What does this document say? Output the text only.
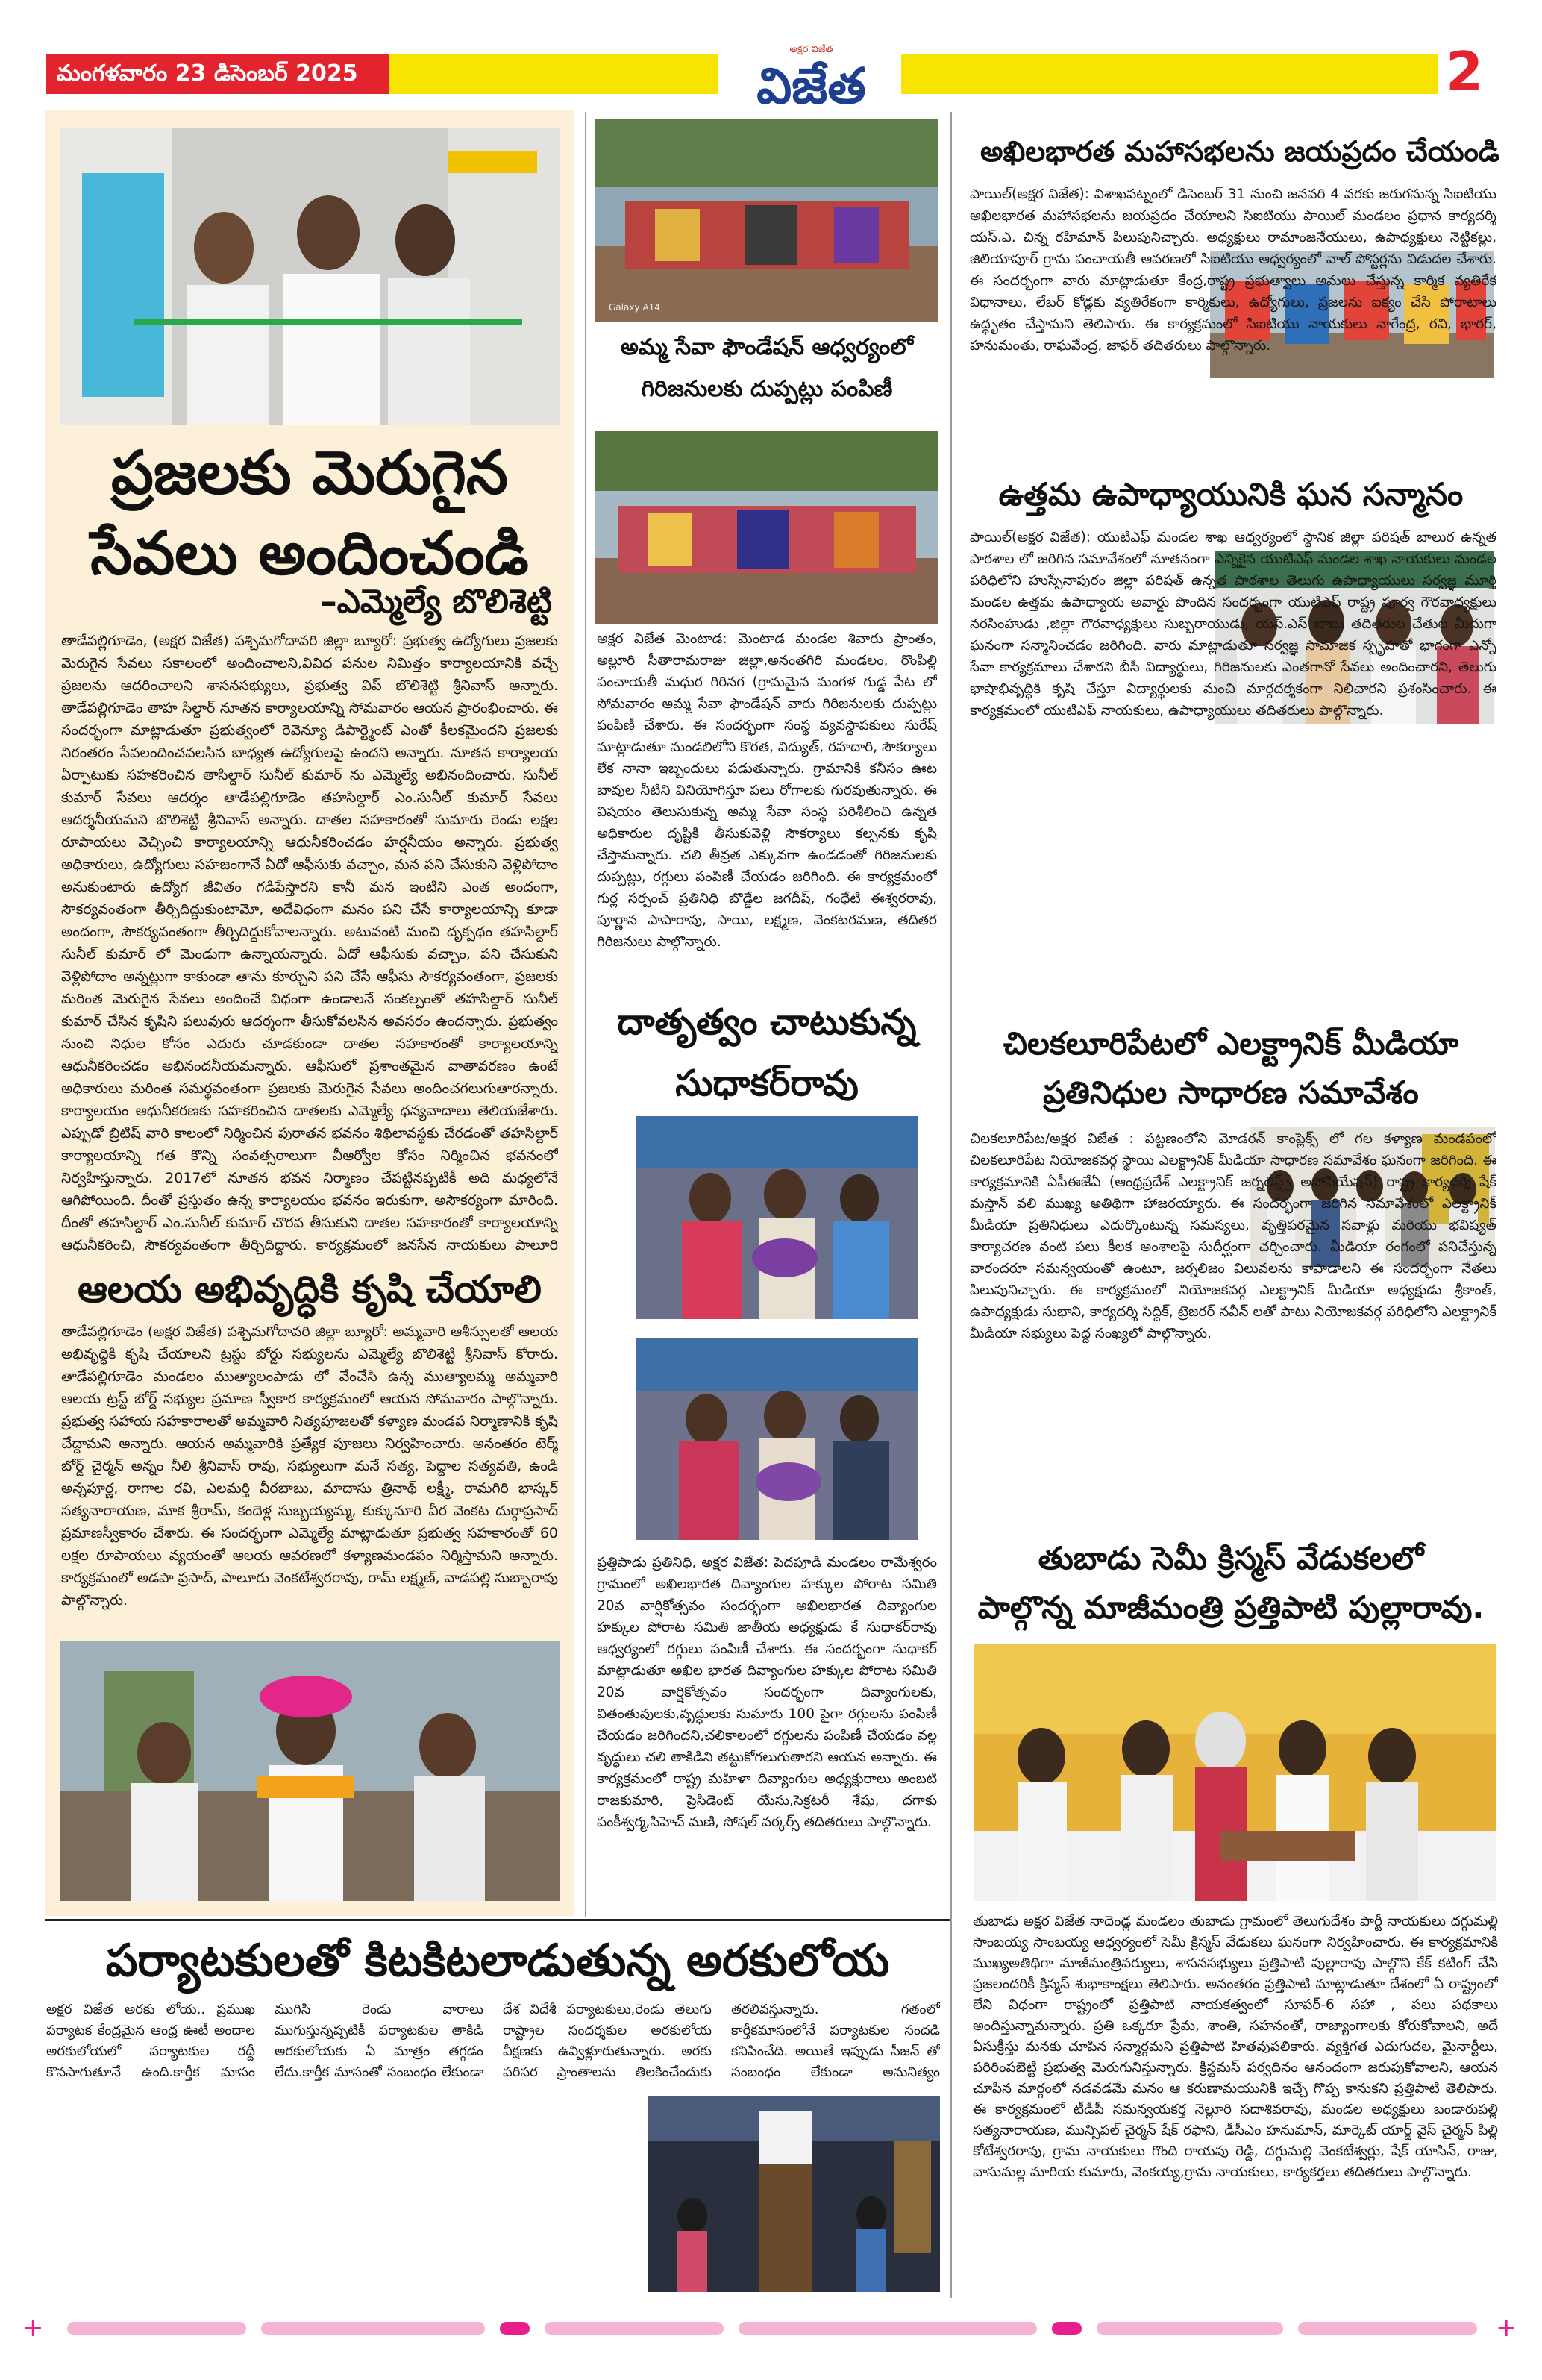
మంగళవారం 23 డిసెంబర్ 2025
అక్షర విజేత
విజేత	2
ప్రజలకు మెరుగైన
సేవలు అందించండి
–ఎమ్మెల్యే బొలిశెట్టి
తాడేపల్లిగూడెం, (అక్షర విజేత) పశ్చిమగోదావరి జిల్లా బ్యూరో: ప్రభుత్వ ఉద్యోగులు ప్రజలకు మెరుగైన సేవలు సకాలంలో అందించాలని,వివిధ పనుల నిమిత్తం కార్యాలయానికి వచ్చే ప్రజలను ఆదరించాలని శాసనసభ్యులు, ప్రభుత్వ విప్ బొలిశెట్టి శ్రీనివాస్ అన్నారు. తాడేపల్లిగూడెం తాహ సిల్దార్ నూతన కార్యాలయాన్ని సోమవారం ఆయన ప్రారంభించారు. ఈ సందర్భంగా మాట్లాడుతూ ప్రభుత్వంలో రెవెన్యూ డిపార్ట్మెంట్ ఎంతో కీలకమైందని ప్రజలకు నిరంతరం సేవలందించవలసిన బాధ్యత ఉద్యోగులపై ఉందని అన్నారు. నూతన కార్యాలయ ఏర్పాటుకు సహకరించిన తాసిల్దార్ సునీల్ కుమార్ ను ఎమ్మెల్యే అభినందించారు. సునీల్ కుమార్ సేవలు ఆదర్శం తాడేపల్లిగూడెం తహసిల్దార్ ఎం.సునీల్ కుమార్ సేవలు ఆదర్శనీయమని బొలిశెట్టి శ్రీనివాస్ అన్నారు. దాతల సహకారంతో సుమారు రెండు లక్షల రూపాయలు వెచ్చించి కార్యాలయాన్ని ఆధునీకరించడం హర్షనీయం అన్నారు. ప్రభుత్వ అధికారులు, ఉద్యోగులు సహజంగానే ఏదో ఆఫీసుకు వచ్చాం, మన పని చేసుకుని వెళ్లిపోదాం అనుకుంటారు ఉద్యోగ జీవితం గడిపేస్తారని కానీ మన ఇంటిని ఎంత అందంగా, సౌకర్యవంతంగా తీర్చిదిద్దుకుంటామో, అదేవిధంగా మనం పని చేసే కార్యాలయాన్ని కూడా అందంగా, సౌకర్యవంతంగా తీర్చిదిద్దుకోవాలన్నారు. అటువంటి మంచి దృక్పథం తహసిల్దార్ సునీల్ కుమార్ లో మెండుగా ఉన్నాయన్నారు. ఏదో ఆఫీసుకు వచ్చాం, పని చేసుకుని వెళ్లిపోదాం అన్నట్లుగా కాకుండా తాను కూర్చుని పని చేసే ఆఫీసు సౌకర్యవంతంగా, ప్రజలకు మరింత మెరుగైన సేవలు అందించే విధంగా ఉండాలనే సంకల్పంతో తహసిల్దార్ సునీల్ కుమార్ చేసిన కృషిని పలువురు ఆదర్శంగా తీసుకోవలసిన అవసరం ఉందన్నారు. ప్రభుత్వం నుంచి నిధుల కోసం ఎదురు చూడకుండా దాతల సహకారంతో కార్యాలయాన్ని ఆధునీకరించడం అభినందనీయమన్నారు. ఆఫీసులో ప్రశాంతమైన వాతావరణం ఉంటే అధికారులు మరింత సమర్థవంతంగా ప్రజలకు మెరుగైన సేవలు అందించగలుగుతారన్నారు. కార్యాలయం ఆధునీకరణకు సహకరించిన దాతలకు ఎమ్మెల్యే ధన్యవాదాలు తెలియజేశారు. ఎప్పుడో బ్రిటిష్ వారి కాలంలో నిర్మించిన పురాతన భవనం శిథిలావస్థకు చేరడంతో తహసిల్దార్ కార్యాలయాన్ని గత కొన్ని సంవత్సరాలుగా వీఆర్వోల కోసం నిర్మించిన భవనంలో నిర్వహిస్తున్నారు. 2017లో నూతన భవన నిర్మాణం చేపట్టినప్పటికీ అది మధ్యలోనే ఆగిపోయింది. దీంతో ప్రస్తుతం ఉన్న కార్యాలయం భవనం ఇరుకుగా, అసౌకర్యంగా మారింది. దీంతో తహసిల్దార్ ఎం.సునీల్ కుమార్ చొరవ తీసుకుని దాతల సహకారంతో కార్యాలయాన్ని ఆధునీకరించి, సౌకర్యవంతంగా తీర్చిదిద్దారు. కార్యక్రమంలో జనసేన నాయకులు పాలూరి
ఆలయ అభివృద్ధికి కృషి చేయాలి
తాడేపల్లిగూడెం (అక్షర విజేత) పశ్చిమగోదావరి జిల్లా బ్యూరో: అమ్మవారి ఆశీస్సులతో ఆలయ అభివృద్ధికి కృషి చేయాలని ట్రస్టు బోర్డు సభ్యులను ఎమ్మెల్యే బొలిశెట్టి శ్రీనివాస్ కోరారు. తాడేపల్లిగూడెం మండలం ముత్యాలంపాడు లో వేంచేసి ఉన్న ముత్యాలమ్మ అమ్మవారి ఆలయ ట్రస్ట్ బోర్డ్ సభ్యుల ప్రమాణ స్వీకార కార్యక్రమంలో ఆయన సోమవారం పాల్గొన్నారు. ప్రభుత్వ సహాయ సహకారాలతో అమ్మవారి నిత్యపూజలతో కళ్యాణ మండప నిర్మాణానికి కృషి చేద్దామని అన్నారు. ఆయన అమ్మవారికి ప్రత్యేక పూజలు నిర్వహించారు. అనంతరం టెర్మ్ బోర్డ్ చైర్మన్ అన్నం నీలి శ్రీనివాస్ రావు, సభ్యులుగా మనే సత్య, పెద్దాల సత్యవతి, ఉండి అన్నపూర్ణ, రాగాల రవి, ఎలమర్తి వీరబాబు, మాదాసు త్రినాథ్ లక్ష్మీ, రామగిరి భాస్కర్ సత్యనారాయణ, మాక శ్రీరామ్, కందెళ్ల సుబ్బయ్యమ్మ, కుక్కునూరి వీర వెంకట దుర్గాప్రసాద్ ప్రమాణస్వీకారం చేశారు. ఈ సందర్భంగా ఎమ్మెల్యే మాట్లాడుతూ ప్రభుత్వ సహకారంతో 60 లక్షల రూపాయలు వ్యయంతో ఆలయ ఆవరణలో కళ్యాణమండపం నిర్మిస్తామని అన్నారు. కార్యక్రమంలో అడపా ప్రసాద్, పాలూరు వెంకటేశ్వరరావు, రామ్ లక్ష్మణ్, వాడపల్లి సుబ్బారావు పాల్గొన్నారు.
Galaxy A14
అమ్మ సేవా ఫౌండేషన్ ఆధ్వర్యంలో
గిరిజనులకు దుప్పట్లు పంపిణీ
అక్షర విజేత మెంటాడ: మెంటాడ మండల శివారు ప్రాంతం, అల్లూరి సీతారామరాజు జిల్లా,అనంతగిరి మండలం, రొంపిల్లి పంచాయతీ మధుర గిరినగ (గ్రామమైన మంగళ గుడ్డ పేట లో సోమవారం అమ్మ సేవా ఫౌండేషన్ వారు గిరిజనులకు దుప్పట్లు పంపిణీ చేశారు. ఈ సందర్భంగా సంస్థ వ్యవస్థాపకులు సురేష్ మాట్లాడుతూ మండలిలోని కొరత, విద్యుత్, రహదారి, సౌకర్యాలు లేక నానా ఇబ్బందులు పడుతున్నారు. గ్రామానికి కనీసం ఊట బావుల నీటిని వినియోగిస్తూ పలు రోగాలకు గురవుతున్నారు. ఈ విషయం తెలుసుకున్న అమ్మ సేవా సంస్థ పరిశీలించి ఉన్నత అధికారుల దృష్టికి తీసుకువెళ్లి సౌకర్యాలు కల్పనకు కృషి చేస్తామన్నారు. చలి తీవ్రత ఎక్కువగా ఉండడంతో గిరిజనులకు దుప్పట్లు, రగ్గులు పంపిణీ చేయడం జరిగింది. ఈ కార్యక్రమంలో గుర్ల సర్పంచ్ ప్రతినిధి బొడ్డేల జగదీష్, గంధేటి ఈశ్వరరావు, పూర్ణాన పాపారావు, సాయి, లక్ష్మణ, వెంకటరమణ, తదితర గిరిజనులు పాల్గొన్నారు.
దాతృత్వం చాటుకున్న
సుధాకర్‌రావు
ప్రత్తిపాడు ప్రతినిధి, అక్షర విజేత: పెదపూడి మండలం రామేశ్వరం గ్రామంలో అఖిలభారత దివ్యాంగుల హక్కుల పోరాట సమితి 20వ వార్షికోత్సవం సందర్భంగా అఖిలభారత దివ్యాంగుల హక్కుల పోరాట సమితి జాతీయ అధ్యక్షుడు కే సుధాకర్‌రావు ఆధ్వర్యంలో రగ్గులు పంపిణీ చేశారు. ఈ సందర్భంగా సుధాకర్ మాట్లాడుతూ అఖిల భారత దివ్యాంగుల హక్కుల పోరాట సమితి 20వ వార్షికోత్సవం సందర్భంగా దివ్యాంగులకు, వితంతువులకు,వృద్ధులకు సుమారు 100 పైగా రగ్గులను పంపిణీ చేయడం జరిగిందని,చలికాలంలో రగ్గులను పంపిణీ చేయడం వల్ల వృద్ధులు చలి తాకిడిని తట్టుకోగలుగుతారని ఆయన అన్నారు. ఈ కార్యక్రమంలో రాష్ట్ర మహిళా దివ్యాంగుల అధ్యక్షురాలు అంబటి రాజకుమారి, ప్రెసిడెంట్ యేసు,సెక్రటరీ శేషు, దగాకు పంకీశ్వర్మ,సిహెచ్ మణి, సోషల్ వర్కర్స్ తదితరులు పాల్గొన్నారు.
అఖిలభారత మహాసభలను జయప్రదం చేయండి
పాయిల్(అక్షర విజేత): విశాఖపట్నంలో డిసెంబర్ 31 నుంచి జనవరి 4 వరకు జరుగనున్న సిఐటియు అఖిలభారత మహాసభలను జయప్రదం చేయాలని సిఐటియు పాయిల్ మండలం ప్రధాన కార్యదర్శి యస్.ఎ. చిన్న రహిమాన్ పిలుపునిచ్చారు. అధ్యక్షులు రామాంజనేయులు, ఉపాధ్యక్షులు నెట్టికల్లు, జిలియాపూర్ గ్రామ పంచాయతీ ఆవరణలో సిఐటియు ఆధ్వర్యంలో వాల్ పోస్టర్లను విడుదల చేశారు. ఈ సందర్భంగా వారు మాట్లాడుతూ కేంద్ర,రాష్ట్ర ప్రభుత్వాలు అమలు చేస్తున్న కార్మిక వ్యతిరేక విధానాలు, లేబర్ కోడ్లకు వ్యతిరేకంగా కార్మికులు, ఉద్యోగులు, ప్రజలను ఐక్యం చేసి పోరాటాలు ఉద్ధృతం చేస్తామని తెలిపారు. ఈ కార్యక్రమంలో సిఐటియు నాయకులు నాగేంద్ర, రవి, భారర్, హనుమంతు, రాఘవేంద్ర, జాఫర్ తదితరులు పాల్గొన్నారు.
ఉత్తమ ఉపాధ్యాయునికి ఘన సన్మానం
పాయిల్(అక్షర విజేత): యుటిఎఫ్ మండల శాఖ ఆధ్వర్యంలో స్థానిక జిల్లా పరిషత్ బాలుర ఉన్నత పాఠశాల లో జరిగిన సమావేశంలో నూతనంగా ఎన్నికైన యుటిఎఫ్ మండల శాఖ నాయకులు మండల పరిధిలోని హుస్సేనాపురం జిల్లా పరిషత్ ఉన్నత పాఠశాల తెలుగు ఉపాధ్యాయులు సర్వజ్ఞ మూర్తి మండల ఉత్తమ ఉపాధ్యాయ అవార్డు పొందిన సందర్భంగా యుటిఎఫ్ రాష్ట్ర పూర్వ గౌరవాధ్యక్షులు నరసింహుడు ,జిల్లా గౌరవాధ్యక్షులు సుబ్బరాయుడు, యస్.ఎస్ బాబు తదితరుల చేతుల మీదుగా ఘనంగా సన్మానించడం జరిగింది. వారు మాట్లాడుతూ సర్వజ్ఞ సామాజిక స్పృహతో భాగంగా ఎన్నో సేవా కార్యక్రమాలు చేశారని బీసీ విద్యార్థులు, గిరిజనులకు ఎంతగానో సేవలు అందించారని, తెలుగు భాషాభివృద్ధికి కృషి చేస్తూ విద్యార్థులకు మంచి మార్గదర్శకంగా నిలిచారని ప్రశంసించారు. ఈ కార్యక్రమంలో యుటిఎఫ్ నాయకులు, ఉపాధ్యాయులు తదితరులు పాల్గొన్నారు.
చిలకలూరిపేటలో ఎలక్ట్రానిక్ మీడియా
ప్రతినిధుల సాధారణ సమావేశం
చిలకలూరిపేట/అక్షర విజేత : పట్టణంలోని మోడరన్ కాంప్లెక్స్ లో గల కళ్యాణ మండపంలో చిలకలూరిపేట నియోజకవర్గ స్థాయి ఎలక్ట్రానిక్ మీడియా సాధారణ సమావేశం ఘనంగా జరిగింది. ఈ కార్యక్రమానికి ఏపీఈజేఏ (ఆంధ్రప్రదేశ్ ఎలక్ట్రానిక్ జర్నలిస్ట్స్ అసోసియేషన్) రాష్ట్ర కార్యదర్శి షేక్ మస్తాన్ వలి ముఖ్య అతిథిగా హాజరయ్యారు. ఈ సందర్భంగా జరిగిన సమావేశంలో ఎలక్ట్రానిక్ మీడియా ప్రతినిధులు ఎదుర్కొంటున్న సమస్యలు, వృత్తిపరమైన సవాళ్లు మరియు భవిష్యత్ కార్యాచరణ వంటి పలు కీలక అంశాలపై సుదీర్ఘంగా చర్చించారు. మీడియా రంగంలో పనిచేస్తున్న వారందరూ సమన్వయంతో ఉంటూ, జర్నలిజం విలువలను కాపాడాలని ఈ సందర్భంగా నేతలు పిలుపునిచ్చారు. ఈ కార్యక్రమంలో నియోజకవర్గ ఎలక్ట్రానిక్ మీడియా అధ్యక్షుడు శ్రీకాంత్, ఉపాధ్యక్షుడు సుభాని, కార్యదర్శి సిద్దిక్, ట్రెజరర్ నవీన్ లతో పాటు నియోజకవర్గ పరిధిలోని ఎలక్ట్రానిక్ మీడియా సభ్యులు పెద్ద సంఖ్యలో పాల్గొన్నారు.
తుబాడు సెమీ క్రిస్మస్ వేడుకలలో
పాల్గొన్న మాజీమంత్రి ప్రత్తిపాటి పుల్లారావు.
తుబాడు అక్షర విజేత నాదెండ్ల మండలం తుబాడు గ్రామంలో తెలుగుదేశం పార్టీ నాయకులు దగ్గుమల్లి సాంబయ్య సాంబయ్య ఆధ్వర్యంలో సెమీ క్రిస్మస్ వేడుకలు ఘనంగా నిర్వహించారు. ఈ కార్యక్రమానికి ముఖ్యఅతిథిగా మాజీమంత్రివర్యులు, శాసనసభ్యులు ప్రత్తిపాటి పుల్లారావు పాల్గొని కేక్ కటింగ్ చేసి ప్రజలందరికీ క్రిస్మస్ శుభాకాంక్షలు తెలిపారు. అనంతరం ప్రత్తిపాటి మాట్లాడుతూ దేశంలో ఏ రాష్ట్రంలో లేని విధంగా రాష్ట్రంలో ప్రత్తిపాటి నాయకత్వంలో సూపర్-6 సహా , పలు పథకాలు అందిస్తున్నామన్నారు. ప్రతి ఒక్కరూ ప్రేమ, శాంతి, సహనంతో, రాజ్యాంగాలకు కోరుకోవాలని, అదే ఏసుక్రీస్తు మనకు చూపిన సన్మార్గమని ప్రత్తిపాటి హితవుపలికారు. వ్యక్తిగత ఎదుగుదల, మైనార్టీలు, పరిరింపబెట్టి ప్రభుత్వ మెరుగునిస్తున్నారు. క్రిస్టమస్ పర్వదినం ఆనందంగా జరుపుకోవాలని, ఆయన చూపిన మార్గంలో నడవడమే మనం ఆ కరుణామయునికి ఇచ్చే గొప్ప కానుకని ప్రత్తిపాటి తెలిపారు. ఈ కార్యక్రమంలో టీడీపీ సమన్వయకర్త నెల్లూరి సదాశివరావు, మండల అధ్యక్షులు బండారుపల్లి సత్యనారాయణ, మున్సిపల్ చైర్మన్ షేక్ రఫాని, డీసీఎం హనుమాన్, మార్కెట్ యార్డ్ వైస్ చైర్మన్ పిల్లి కోటేశ్వరరావు, గ్రామ నాయకులు గొంది రాయపు రెడ్డి, దగ్గుమల్లి వెంకటేశ్వర్లు, షేక్ యాసిన్, రాజు, వాసుమల్ల మారియ కుమారు, వెంకయ్య,గ్రామ నాయకులు, కార్యకర్తలు తదితరులు పాల్గొన్నారు.
పర్యాటకులతో కిటకిటలాడుతున్న అరకులోయ
అక్షర విజేత అరకు లోయ.. ప్రముఖ పర్యాటక కేంద్రమైన ఆంధ్ర ఊటీ అందాల అరకులోయలో పర్యాటకుల రద్దీ కొనసాగుతూనే ఉంది.కార్తీక మాసం ముగిసి రెండు వారాలు ముగుస్తున్నప్పటికీ పర్యాటకుల తాకిడి అరకులోయకు ఏ మాత్రం తగ్గడం లేదు.కార్తీక మాసంతో సంబంధం లేకుండా దేశ విదేశీ పర్యాటకులు,రెండు తెలుగు రాష్ట్రాల సందర్శకుల అరకులోయ వీక్షణకు ఉవ్విళ్లూరుతున్నారు. అరకు పరిసర ప్రాంతాలను తిలకించేందుకు తరలివస్తున్నారు. గతంలో కార్తీకమాసంలోనే పర్యాటకుల సందడి కనిపించేది. అయితే ఇప్పుడు సీజన్ తో సంబంధం లేకుండా అనునిత్యం
+	+
